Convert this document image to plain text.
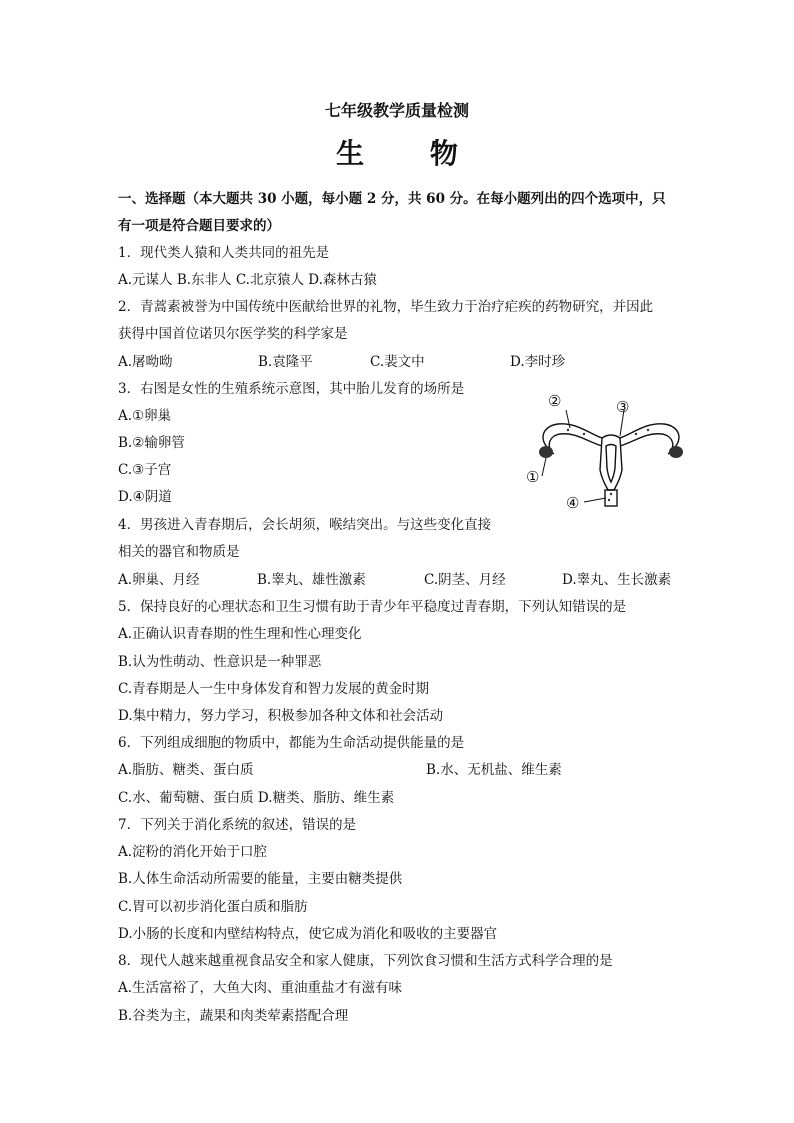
七年级教学质量检测
生 物
一、选择题（本大题共 30 小题，每小题 2 分，共 60 分。在每小题列出的四个选项中，只
有一项是符合题目要求的）
1．现代类人猿和人类共同的祖先是
A.元谋人 B.东非人 C.北京猿人 D.森林古猿
2．青蒿素被誉为中国传统中医献给世界的礼物，毕生致力于治疗疟疾的药物研究，并因此
获得中国首位诺贝尔医学奖的科学家是
A.屠呦呦	B.袁隆平	C.裴文中	D.李时珍
3．右图是女性的生殖系统示意图，其中胎儿发育的场所是
A.①卵巢
B.②输卵管
C.③子宫
D.④阴道
②	③
①
④
4．男孩进入青春期后，会长胡须，喉结突出。与这些变化直接
相关的器官和物质是
A.卵巢、月经	B.睾丸、雄性激素	C.阴茎、月经	D.睾丸、生长激素
5．保持良好的心理状态和卫生习惯有助于青少年平稳度过青春期，下列认知错误的是
A.正确认识青春期的性生理和性心理变化
B.认为性萌动、性意识是一种罪恶
C.青春期是人一生中身体发育和智力发展的黄金时期
D.集中精力，努力学习，积极参加各种文体和社会活动
6．下列组成细胞的物质中，都能为生命活动提供能量的是
A.脂肪、糖类、蛋白质	B.水、无机盐、维生素
C.水、葡萄糖、蛋白质 D.糖类、脂肪、维生素
7．下列关于消化系统的叙述，错误的是
A.淀粉的消化开始于口腔
B.人体生命活动所需要的能量，主要由糖类提供
C.胃可以初步消化蛋白质和脂肪
D.小肠的长度和内壁结构特点，使它成为消化和吸收的主要器官
8．现代人越来越重视食品安全和家人健康，下列饮食习惯和生活方式科学合理的是
A.生活富裕了，大鱼大肉、重油重盐才有滋有味
B.谷类为主，蔬果和肉类荤素搭配合理
